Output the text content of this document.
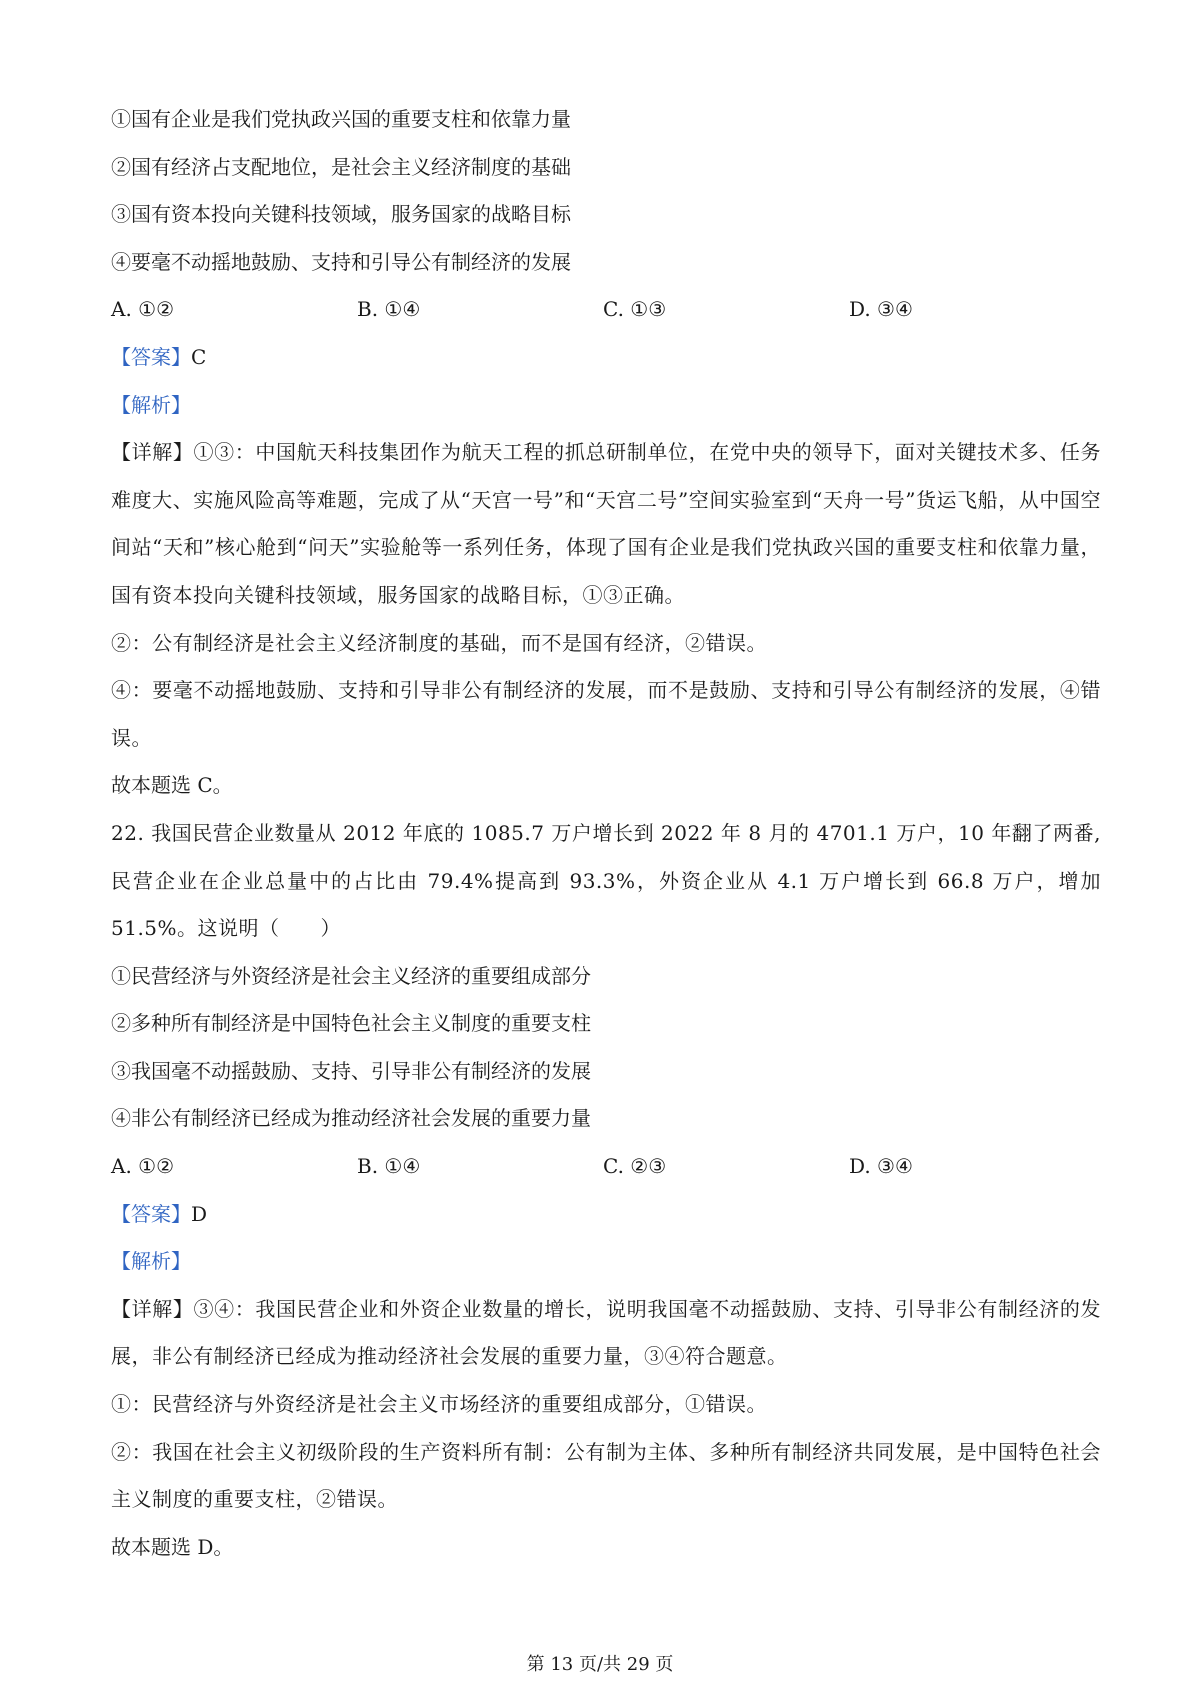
①国有企业是我们党执政兴国的重要支柱和依靠力量
②国有经济占支配地位，是社会主义经济制度的基础
③国有资本投向关键科技领域，服务国家的战略目标
④要毫不动摇地鼓励、支持和引导公有制经济的发展
A. ①②	B. ①④	C. ①③	D. ③④
【答案】C
【解析】
【详解】①③：中国航天科技集团作为航天工程的抓总研制单位，在党中央的领导下，面对关键技术多、任务难度大、实施风险高等难题，完成了从“天宫一号”和“天宫二号”空间实验室到“天舟一号”货运飞船，从中国空间站“天和”核心舱到“问天”实验舱等一系列任务，体现了国有企业是我们党执政兴国的重要支柱和依靠力量，国有资本投向关键科技领域，服务国家的战略目标，①③正确。
②：公有制经济是社会主义经济制度的基础，而不是国有经济，②错误。
④：要毫不动摇地鼓励、支持和引导非公有制经济的发展，而不是鼓励、支持和引导公有制经济的发展，④错误。
故本题选 C。
22. 我国民营企业数量从 2012 年底的 1085.7 万户增长到 2022 年 8 月的 4701.1 万户，10 年翻了两番, 民营企业在企业总量中的占比由 79.4%提高到 93.3%，外资企业从 4.1 万户增长到 66.8 万户，增加 51.5%。这说明（　　）
①民营经济与外资经济是社会主义经济的重要组成部分
②多种所有制经济是中国特色社会主义制度的重要支柱
③我国毫不动摇鼓励、支持、引导非公有制经济的发展
④非公有制经济已经成为推动经济社会发展的重要力量
A. ①②	B. ①④	C. ②③	D. ③④
【答案】D
【解析】
【详解】③④：我国民营企业和外资企业数量的增长，说明我国毫不动摇鼓励、支持、引导非公有制经济的发展，非公有制经济已经成为推动经济社会发展的重要力量，③④符合题意。
①：民营经济与外资经济是社会主义市场经济的重要组成部分，①错误。
②：我国在社会主义初级阶段的生产资料所有制：公有制为主体、多种所有制经济共同发展，是中国特色社会主义制度的重要支柱，②错误。
故本题选 D。
第 13 页/共 29 页
